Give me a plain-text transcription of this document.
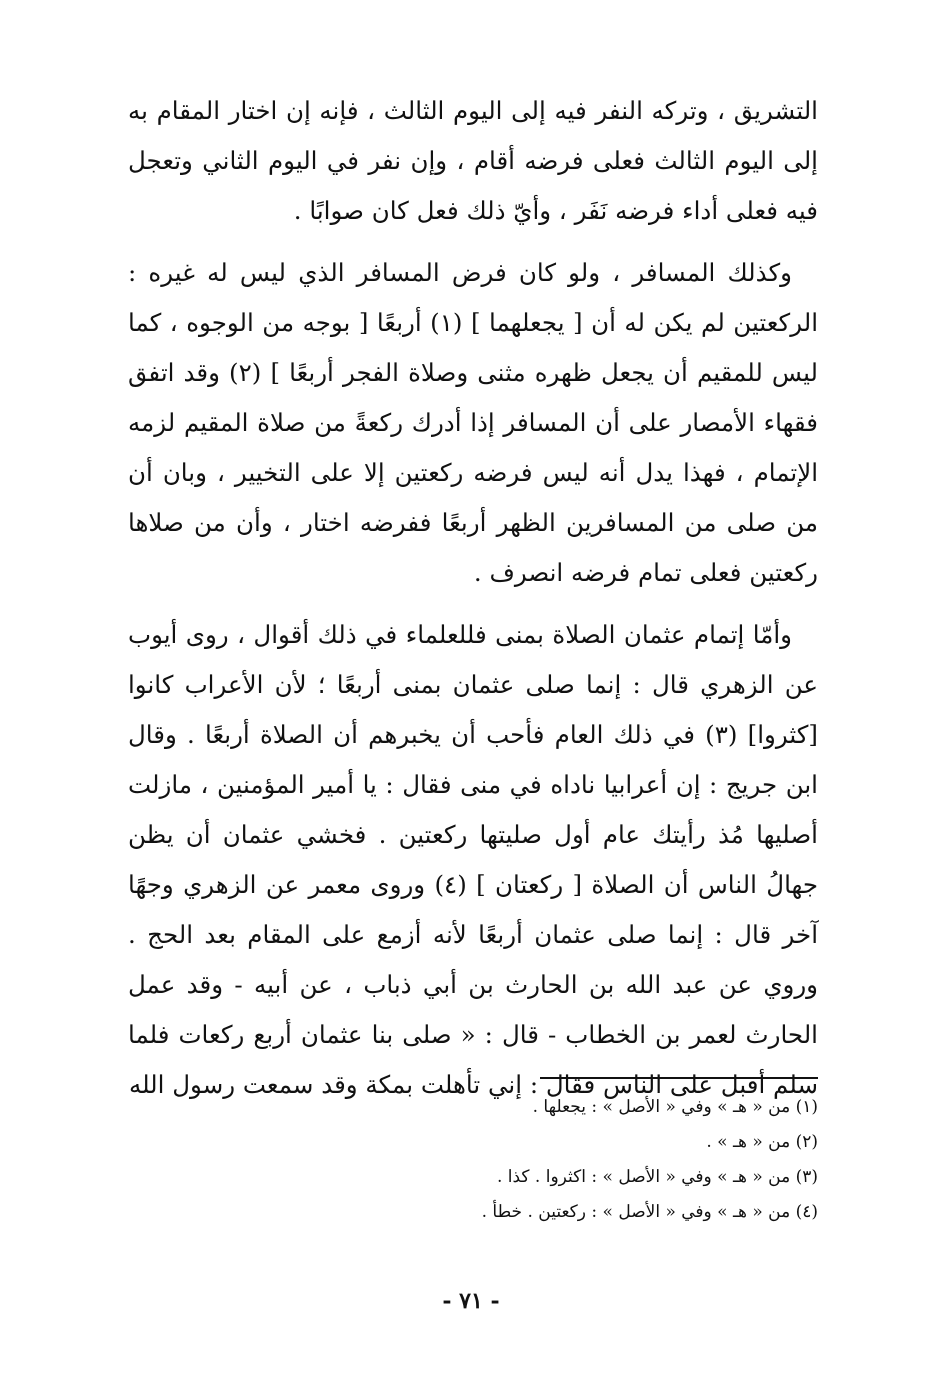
التشريق ، وتركه النفر فيه إلى اليوم الثالث ، فإنه إن اختار المقام به إلى اليوم الثالث فعلى فرضه أقام ، وإن نفر في اليوم الثاني وتعجل فيه فعلى أداء فرضه نَفَر ، وأيّ ذلك فعل كان صوابًا .

وكذلك المسافر ، ولو كان فرض المسافر الذي ليس له غيره : الركعتين لم يكن له أن [ يجعلهما ] (١) أربعًا [ بوجه من الوجوه ، كما ليس للمقيم أن يجعل ظهره مثنى وصلاة الفجر أربعًا ] (٢) وقد اتفق فقهاء الأمصار على أن المسافر إذا أدرك ركعةً من صلاة المقيم لزمه الإتمام ، فهذا يدل أنه ليس فرضه ركعتين إلا على التخيير ، وبان أن من صلى من المسافرين الظهر أربعًا ففرضه اختار ، وأن من صلاها ركعتين فعلى تمام فرضه انصرف .

وأمّا إتمام عثمان الصلاة بمنى فللعلماء في ذلك أقوال ، روى أيوب عن الزهري قال : إنما صلى عثمان بمنى أربعًا ؛ لأن الأعراب كانوا [كثروا] (٣) في ذلك العام فأحب أن يخبرهم أن الصلاة أربعًا . وقال ابن جريج : إن أعرابيا ناداه في منى فقال : يا أمير المؤمنين ، مازلت أصليها مُذ رأيتك عام أول صليتها ركعتين . فخشي عثمان أن يظن جهالُ الناس أن الصلاة [ ركعتان ] (٤) وروى معمر عن الزهري وجهًا آخر قال : إنما صلى عثمان أربعًا لأنه أزمع على المقام بعد الحج . وروي عن عبد الله بن الحارث بن أبي ذباب ، عن أبيه - وقد عمل الحارث لعمر بن الخطاب - قال : « صلى بنا عثمان أربع ركعات فلما سلم أقبل على الناس فقال : إني تأهلت بمكة وقد سمعت رسول الله

(١) من « هـ » وفي « الأصل » : يجعلها .
(٢) من « هـ » .
(٣) من « هـ » وفي « الأصل » : اكثروا . كذا .
(٤) من « هـ » وفي « الأصل » : ركعتين . خطأ .
- ٧١ -
